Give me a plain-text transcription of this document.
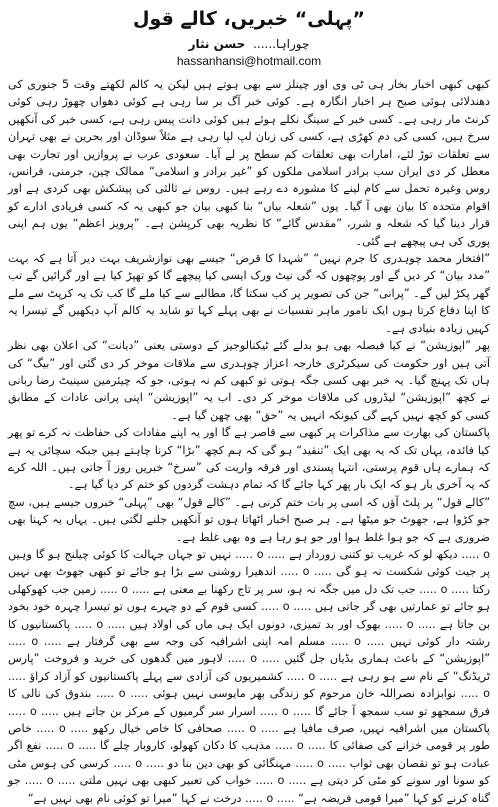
”پہلی“ خبریں، کالے قول
چوراہا...... حسن نثار
hassanhansi@hotmail.com

کبھی کبھی اخبار بخار ہی ٹی وی اور چینلز سے بھی ہوتے ہیں لیکن یہ کالم لکھتے وقت 5 جنوری کی دھندلائی ہوئی صبح ہر اخبار انگارہ ہے۔ کوئی خبر آگ بر سا رہی ہے کوئی دھواں چھوڑ رہی کوئی کرنٹ مار رہی ہے۔ کسی خبر کے سینگ نکلے ہوئے ہیں کوئی دانت پیس رہی ہے، کسی خبر کی آنکھیں سرخ ہیں، کسی کی دم کھڑی ہے، کسی کی زبان لپ لپا رہی ہے مثلاً سوڈان اور بحرین نے بھی تہران سے تعلقات توڑ لئے، امارات بھی تعلقات کم سطح پر لے آیا۔ سعودی عرب نے پروازیں اور تجارت بھی معطل کر دی ایران سب برادر اسلامی ملکوں کو ”غیر برادر و اسلامی“ ممالک چین، جرمنی، فرانس، روس وغیرہ تحمل سے کام لینے کا مشورہ دے رہے ہیں۔ روس نے ثالثی کی پیشکش بھی کردی ہے اور اقوام متحدہ کا بیان بھی آ گیا۔ یوں ”شعلہ بیاں“ بنا کبھی بیان جو کبھی یہ کہ کسی فریادی ادارے کو قرار دینا گیا کہ شعلہ و شرر، ”مقدس گائے“ کا نظریہ بھی کرپشن ہے۔ ”پرویز اعظم“ یوں ہم اپنی پوری کی ہی پیچھے ہے گئی۔

”افتخار محمد چوہدری کا جرم نہیں“ ”شہدا کا قرض“ جیسے بھی نوازشریف بہت دیر آتا ہے کہ بہت ”مدد بیان“ کر دیں گے اور پوچھوں کہ گی نیٹ ورک ایسی کیا پیچھے گا کو تھپڑ کیا ہے اور گرائیں گے تب گھر پکڑ لیں گے۔ ”پرانی“ جن کی تصویر پر کب سکتا گا، مطالبے سے کیا ملے گا کب تک یہ کرپٹ سے ملے کا اپنا دفاع کرتا ہوں ایک نامور ماہر نفسیات نے بھی پہلے کہا تو شاید یہ کالم آپ دیکھیں گے تیسرا یہ کہیں زیادہ بنیادی ہے۔

پھر ”اپوزیشن“ نے کیا فیصلہ بھی ہو بدلے گئے ٹیکنالوجیز کے دوستی یعنی ”دیانت“ کی اعلان بھی نظر آتی ہیں اور حکومت کی سیکرٹری خارجہ اعزاز چوہدری سے ملاقات موخر کر دی گئی اور ”بیگ“ کی ہاں تک پہنچ گیا۔ یہ خبر بھی کسی جگہ ہوتی تو کبھی کم نہ ہوتی، جو کہ چیئرمین سینیٹ رضا ربانی نے کچھ ”اپوزیشن“ لیڈروں کی ملاقات موخر کر دی۔ اب یہ ”اپوزیشن“ اپنی پرانی عادات کے مطابق کسی کو کچھ نہیں کہے گی کیونکہ انہیں یہ ”حق“ بھی چھن گیا ہے۔

پاکستان کی بھارت سے مذاکرات پر کبھی سے قاصر ہے گا اور یہ اپنے مفادات کی حفاظت نہ کرے تو پھر کیا فائدہ، یہاں تک کہ یہ بھی ایک ”تنقید“ ہو گی کہ ہم کچھ ”بڑا“ کرنا چاہتے ہیں جبکہ سچائی یہ ہے کہ ہمارے ہاں قوم پرستی، انتہا پسندی اور فرقہ واریت کی ”سرخ“ خبریں روز آ جاتی ہیں۔ اللہ کرے کہ یہ آخری بار ہو کہ ایک بار پھر کہا جائے گا کہ تمام دہشت گردوں کو ختم کر دیا گیا ہے۔

”کالے قول“ پر پلٹ آؤں کہ اسی پر بات ختم کرنی ہے۔ ”کالے قول“ بھی ”پہلی“ خبروں جیسے ہیں، سچ جو کڑوا ہے، جھوٹ جو میٹھا ہے۔ ہر صبح اخبار اٹھاتا ہوں تو آنکھیں جلنے لگتی ہیں۔ یہاں یہ کہنا بھی ضروری ہے کہ جو ہوا غلط ہوا اور جو ہو رہا ہے وہ بھی غلط ہے۔

o ..... دیکھ لو کہ غریب تو کتنی زوردار ہے ..... o ..... نہیں تو جہاں جہالت کا کوئی چیلنج ہو گا وہیں پر جیت کوئی شکست نہ ہو گی ..... o ..... اندھیرا روشنی سے بڑا ہو جائے تو کبھی جھوٹ بھی نہیں رکتا ..... o ..... جب تک دل میں جگہ نہ ہو، سر پر تاج رکھنا بے معنی ہے ..... o ..... زمین جب کھوکھلی ہو جائے تو عمارتیں بھی گر جاتی ہیں ..... o ..... کسی قوم کے دو چہرے ہوں تو تیسرا چہرہ خود بخود بن جاتا ہے ..... o ..... بھوک اور بد تمیزی، دونوں ایک ہی ماں کی اولاد ہیں ..... o ..... پاکستانیوں کا رشتہ دار کوئی نہیں ..... o ..... مسلم امہ اپنی اشرافیہ کی وجہ سے بھی گرفتار ہے ..... o ..... ”اپوزیشن“ کے باعث ہماری بڈیاں جل گئیں ..... o ..... لاہور میں گدھوں کی خرید و فروخت ”پارس ٹریڈنگ“ کے نام سے ہو رہی ہے ..... o ..... کشمیریوں کی آزادی سے پہلے پاکستانیوں کو آزاد کراؤ ..... o ..... نوابزادہ نصراللہ خان مرحوم کو زندگی بھر مایوسی نہیں ہوئی ..... o ..... بندوق کی نالی کا فرق سمجھو تو سب سمجھ آ جائے گا ..... o ..... اسرار سر گرمیوں کے مرکز بن جاتے ہیں ..... o ..... پاکستان میں اشرافیہ نہیں، صرف مافیا ہے ..... o ..... صحافی کا خاص خیال رکھو ..... o ..... خاص طور پر قومی خزانے کی صفائی کا ..... o ..... مذہب کا دکان کھولو، کاروبار چلے گا ..... o ..... نفع اگر عبادت ہو تو نقصان بھی ثواب ..... o ..... مہنگائی کو بھی دین بنا دو ..... o ..... کرسی کی ہوس مٹی کو سونا اور سونے کو مٹی کر دیتی ہے ..... o ..... خواب کی تعبیر کبھی بھی نہیں ملتی ..... o ..... جو گناہ کرنے کو کہا ”میرا قومی فریضہ ہے“ ..... o ..... درخت نے کہا ”میرا تو کوئی نام بھی نہیں ہے“
